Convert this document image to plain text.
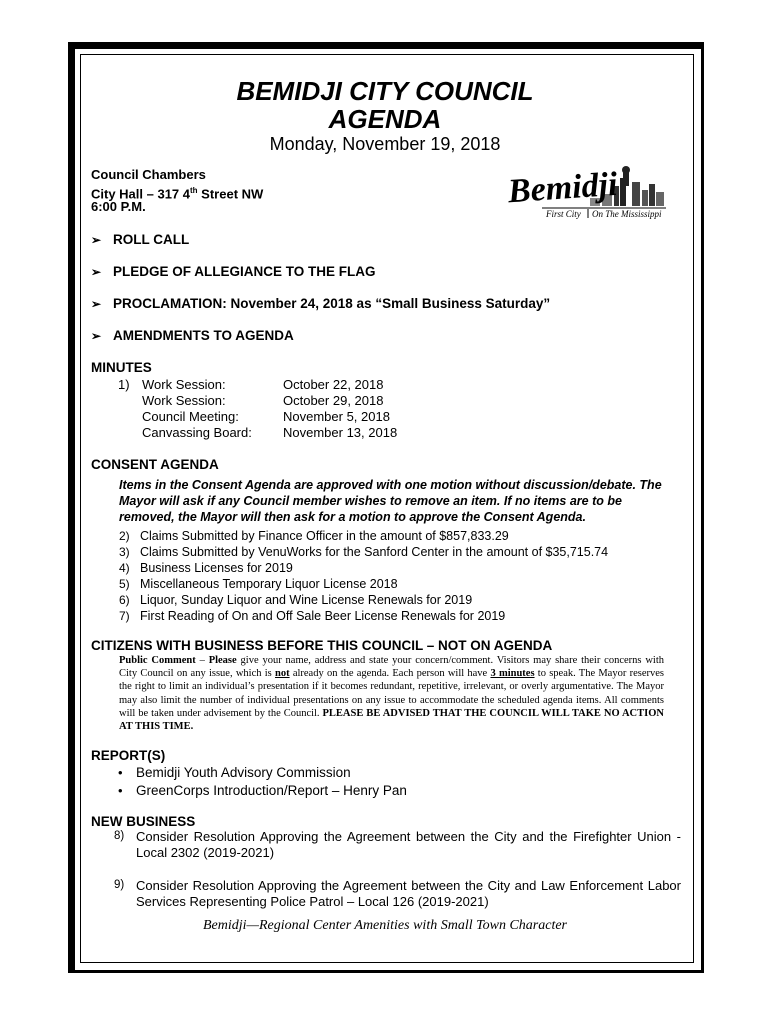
BEMIDJI CITY COUNCIL
AGENDA
Monday, November 19, 2018
Council Chambers
City Hall – 317 4th Street NW
6:00 P.M.	Bemidji
First City On The Mississippi
➢ ROLL CALL
➢ PLEDGE OF ALLEGIANCE TO THE FLAG
➢ PROCLAMATION: November 24, 2018 as “Small Business Saturday”
➢ AMENDMENTS TO AGENDA
MINUTES
1) Work Session:	October 22, 2018
Work Session:	October 29, 2018
Council Meeting:	November 5, 2018
Canvassing Board: November 13, 2018
CONSENT AGENDA
Items in the Consent Agenda are approved with one motion without discussion/debate. The Mayor will ask if any Council member wishes to remove an item. If no items are to be removed, the Mayor will then ask for a motion to approve the Consent Agenda.
2) Claims Submitted by Finance Officer in the amount of $857,833.29
3) Claims Submitted by VenuWorks for the Sanford Center in the amount of $35,715.74
4) Business Licenses for 2019
5) Miscellaneous Temporary Liquor License 2018
6) Liquor, Sunday Liquor and Wine License Renewals for 2019
7) First Reading of On and Off Sale Beer License Renewals for 2019
CITIZENS WITH BUSINESS BEFORE THIS COUNCIL – NOT ON AGENDA
Public Comment – Please give your name, address and state your concern/comment. Visitors may share their concerns with City Council on any issue, which is not already on the agenda. Each person will have 3 minutes to speak. The Mayor reserves the right to limit an individual’s presentation if it becomes redundant, repetitive, irrelevant, or overly argumentative. The Mayor may also limit the number of individual presentations on any issue to accommodate the scheduled agenda items. All comments will be taken under advisement by the Council. PLEASE BE ADVISED THAT THE COUNCIL WILL TAKE NO ACTION AT THIS TIME.
REPORT(S)
• Bemidji Youth Advisory Commission
• GreenCorps Introduction/Report – Henry Pan
NEW BUSINESS
8) Consider Resolution Approving the Agreement between the City and the Firefighter Union - Local 2302 (2019-2021)
9) Consider Resolution Approving the Agreement between the City and Law Enforcement Labor Services Representing Police Patrol – Local 126 (2019-2021)
Bemidji—Regional Center Amenities with Small Town Character
